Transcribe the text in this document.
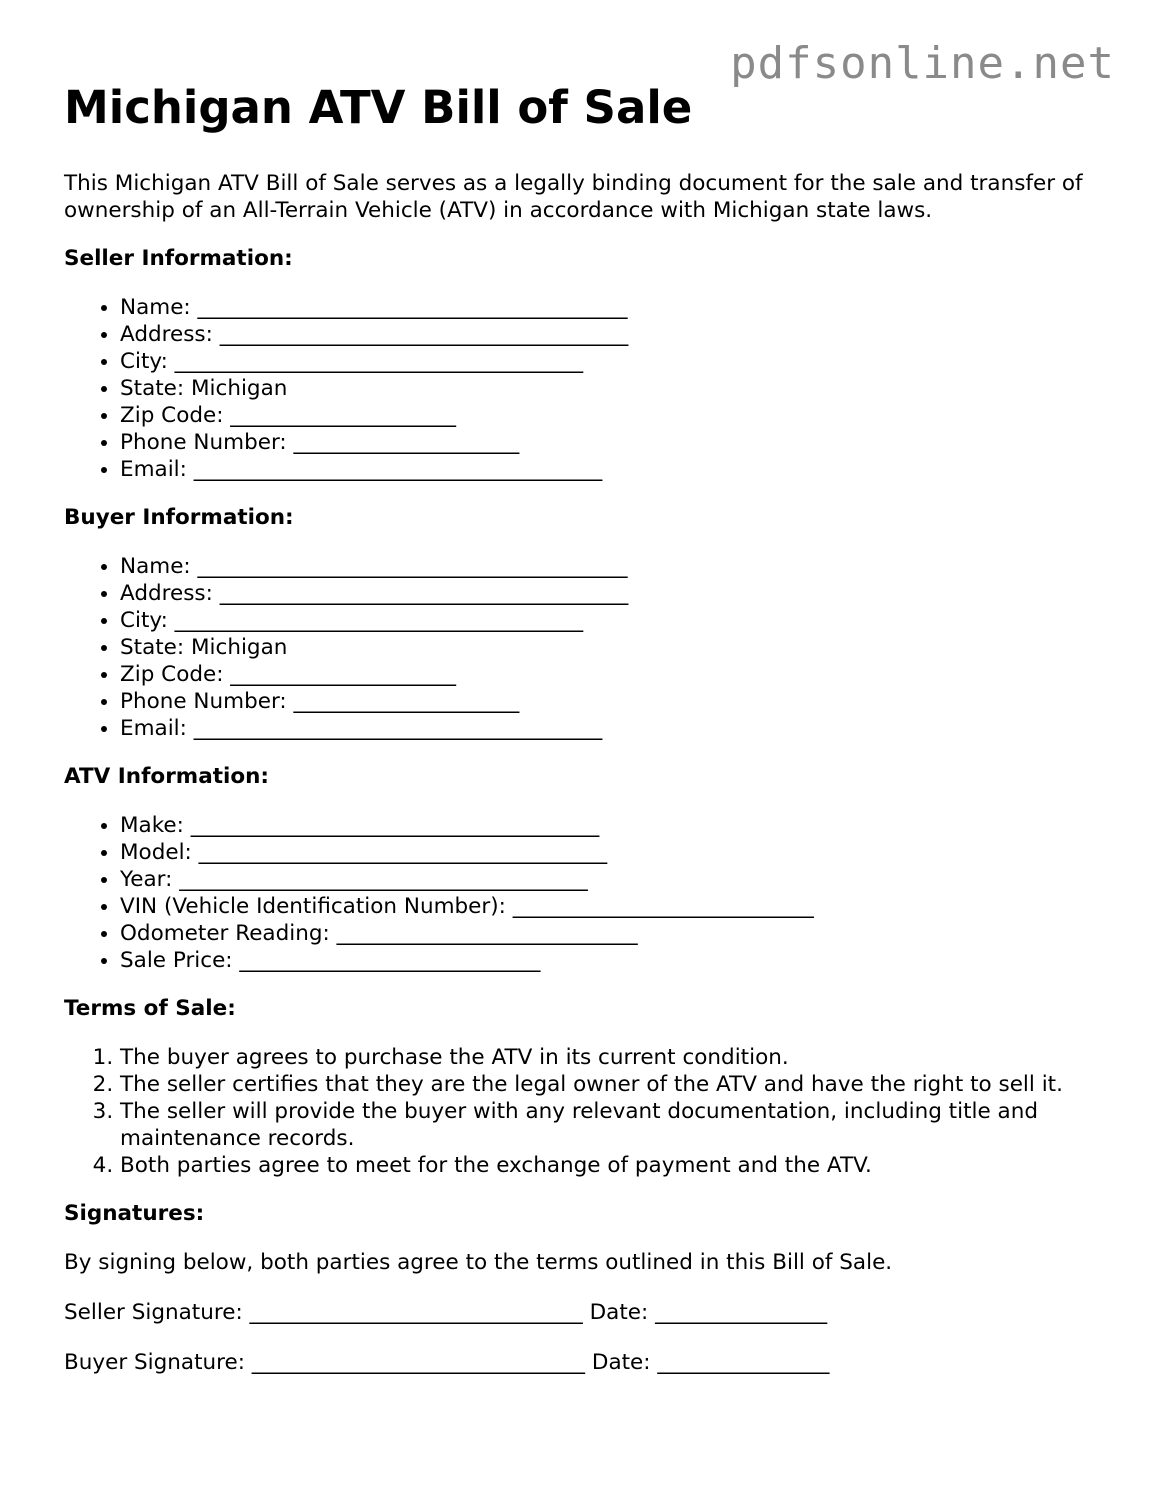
pdfsonline.net
Michigan ATV Bill of Sale

This Michigan ATV Bill of Sale serves as a legally binding document for the sale and transfer of ownership of an All-Terrain Vehicle (ATV) in accordance with Michigan state laws.

Seller Information:
• Name: ________________________________________
• Address: ______________________________________
• City: ______________________________________
• State: Michigan
• Zip Code: _____________________
• Phone Number: _____________________
• Email: ______________________________________
Buyer Information:
• Name: ________________________________________
• Address: ______________________________________
• City: ______________________________________
• State: Michigan
• Zip Code: _____________________
• Phone Number: _____________________
• Email: ______________________________________
ATV Information:
• Make: ______________________________________
• Model: ______________________________________
• Year: ______________________________________
• VIN (Vehicle Identification Number): ____________________________
• Odometer Reading: ____________________________
• Sale Price: ____________________________
Terms of Sale:
1. The buyer agrees to purchase the ATV in its current condition.
2. The seller certifies that they are the legal owner of the ATV and have the right to sell it.
3. The seller will provide the buyer with any relevant documentation, including title and maintenance records.
4. Both parties agree to meet for the exchange of payment and the ATV.
Signatures:

By signing below, both parties agree to the terms outlined in this Bill of Sale.

Seller Signature: _______________________________ Date: ________________

Buyer Signature: _______________________________ Date: ________________
